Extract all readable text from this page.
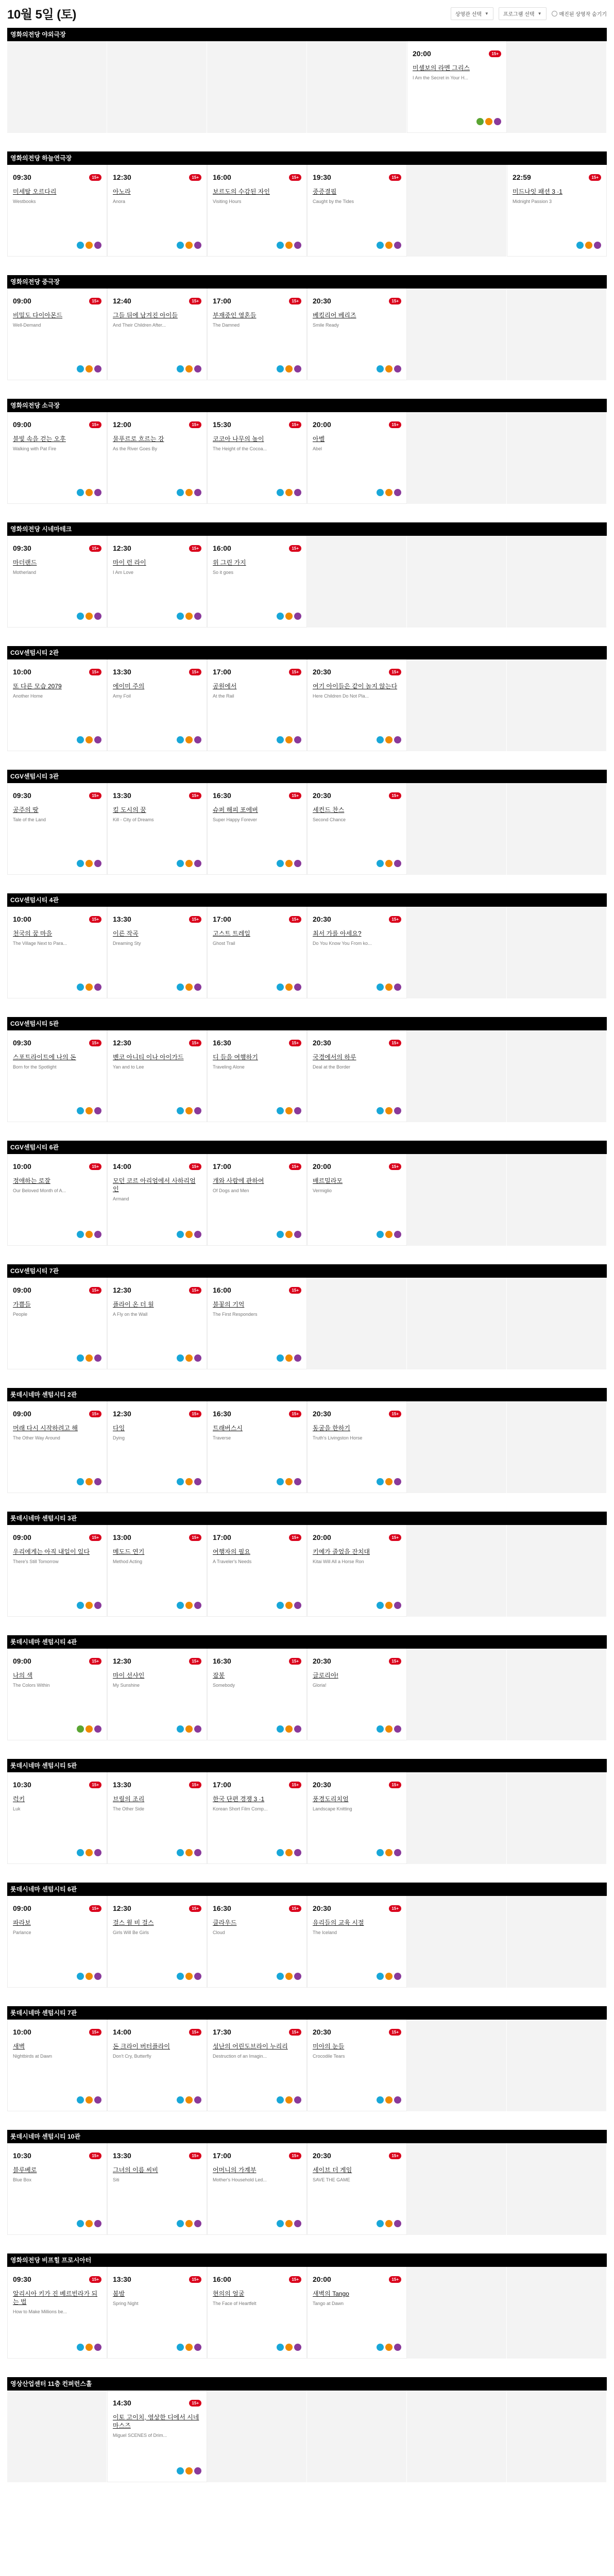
10월 5일 (토)	상영관 선택 ▼	프로그램 선택 ▼	매진된 상영작 숨기기
영화의전당 야외극장
20:00	15+
미셸보의 라멘 그리스
I Am the Secret in Your H...
영화의전당 하늘연극장
09:30	15+
미세탈 오르다리
Westbooks
12:30	15+
아노라
Anora
16:00	15+
보르도의 수감된 자인
Visiting Hours
19:30	15+
중증결핍
Caught by the Tides
22:59	15+
미드나잇 패션 3 ·1
Midnight Passion 3
영화의전당 중극장
09:00	15+
비밀도 다이아몬드
Well-Demand
12:40	15+
그들 뒤에 남겨진 아이들
And Their Children After...
17:00	15+
부재중인 영혼들
The Damned
20:30	15+
베킹리어 베리즈
Smile Ready
영화의전당 소극장
09:00	15+
불빛 속을 걷는 오후
Walking with Pat Fire
12:00	15+
물푸르로 흐르는 강
As the River Goes By
15:30	15+
코코아 나무의 높이
The Height of the Cocoa...
20:00	15+
아벨
Abel
영화의전당 시네마테크
09:30	15+
마더랜드
Motherland
12:30	15+
마이 런 라이
I Am Love
16:00	15+
위 그린 가지
So it goes
CGV센텀시티 2관
10:00	15+
또 다른 모습 2079
Another Home
13:30	15+
에이미 주의
Amy Foil
17:00	15+
공원에서
At the Rail
20:30	15+
여기 아이들은 같이 놀지 않는다
Here Children Do Not Pla...
CGV센텀시티 3관
09:30	15+
공주의 땅
Tale of the Land
13:30	15+
킬 도시의 꿈
Kill - City of Dreams
16:30	15+
슈퍼 해피 포에버
Super Happy Forever
20:30	15+
세컨드 찬스
Second Chance
CGV센텀시티 4관
10:00	15+
천국의 꿈 마을
The Village Next to Para...
13:30	15+
이른 작곡
Dreaming Sty
17:00	15+
고스트 트레일
Ghost Trail
20:30	15+
최서 가를 아세요?
Do You Know You From ko...
CGV센텀시티 5관
09:30	15+
스포트라이트에 나의 돈
Born for the Spotlight
12:30	15+
벤코 아니티 이나 아이가드
Yan and to Lee
16:30	15+
디 들을 여행하기
Traveling Alone
20:30	15+
국경에서의 하루
Deal at the Border
CGV센텀시티 6관
10:00	15+
정애하는 로잘
Our Beloved Month of A...
14:00	15+
모던 코르 아리엄에서 사하리엄인
Armand
17:00	15+
개와 사람에 관하여
Of Dogs and Men
20:00	15+
배르밀라모
Vermiglio
CGV센텀시티 7관
09:00	15+
가쁨들
People
12:30	15+
플라이 온 더 월
A Fly on the Wall
16:00	15+
불꽃의 기억
The First Responders
롯데시네마 센텀시티 2관
09:00	15+
머래 다시 시작하려고 해
The Other Way Around
12:30	15+
다잉
Dying
16:30	15+
트래버스시
Traverse
20:30	15+
동굴을 한하기
Truth's Livingston Horse
롯데시네마 센텀시티 3관
09:00	15+
우리에게는 아직 내일이 있다
There's Still Tomorrow
13:00	15+
메도드 연기
Method Acting
17:00	15+
여행자의 필요
A Traveler's Needs
20:00	15+
키예가 줄었을 잔치대
Kitai Will All a Horse Ron
롯데시네마 센텀시티 4관
09:00	15+
나의 색
The Colors Within
12:30	15+
마이 선샤인
My Sunshine
16:30	15+
잠봉
Somebody
20:30	15+
글로리아!
Gloria!
롯데시네마 센텀시티 5관
10:30	15+
럭키
Luk
13:30	15+
브릴의 조리
The Other Side
17:00	15+
한국 단편 경쟁 3 ·1
Korean Short Film Comp...
20:30	15+
풍경도리치엄
Landscape Knitting
롯데시네마 센텀시티 6관
09:00	15+
파라보
Parlance
12:30	15+
걸스 윌 비 걸스
Girls Will Be Girls
16:30	15+
클라우드
Cloud
20:30	15+
유리들의 교육 시절
The Iceland
롯데시네마 센텀시티 7관
10:00	15+
새벽
Nightbirds at Dawn
14:00	15+
돈 크라이 버터플라이
Don't Cry, Butterfly
17:30	15+
성난의 어린도브라이 누리리
Destruction of an Imagin...
20:30	15+
미아의 눈들
Crocodile Tears
롯데시네마 센텀시티 10관
10:30	15+
블루베로
Blue Box
13:30	15+
그녀의 이름 씨비
Siti
17:00	15+
어머니의 가계부
Mother's Household Led...
20:30	15+
세이브 더 게임
SAVE THE GAME
영화의전당 비프힐 프로시아터
09:30	15+
알리시아 키가 진 베르빈라가 되는 법
How to Make Millions be...
13:30	15+
봄밤
Spring Night
16:00	15+
현의의 얼굴
The Face of Heartfelt
20:00	15+
새벽의 Tango
Tango at Dawn
영상산업센터 11층 컨퍼런스홀
14:30	15+
이토 고이치, 영상한 디에서 시네마스즈
Miguel SCENES of Drim...
